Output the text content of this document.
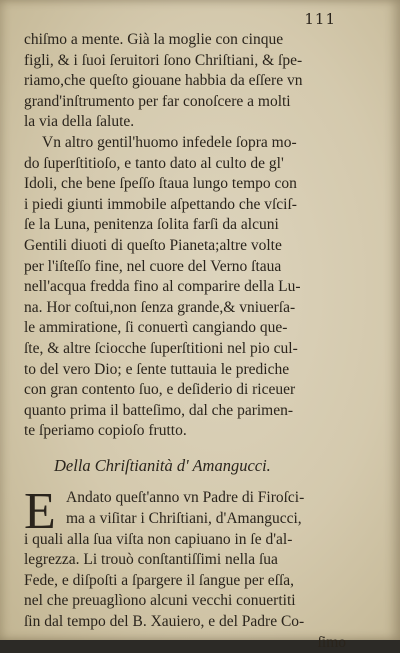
111
chiſmo a mente. Già la moglie con cinque
figli, & i ſuoi ſeruitori ſono Chriſtiani, & ſpe-
riamo,che queſto giouane habbia da eſſere vn
grand'inſtrumento per far conoſcere a molti
la via della ſalute.
Vn altro gentil'huomo infedele ſopra mo-
do ſuperſtitioſo, e tanto dato al culto de gl'
Idoli, che bene ſpeſſo ſtaua lungo tempo con
i piedi giunti immobile aſpettando che vſciſ-
ſe la Luna, penitenza ſolita farſi da alcuni
Gentili diuoti di queſto Pianeta;altre volte
per l'iſteſſo fine, nel cuore del Verno ſtaua
nell'acqua fredda fino al comparire della Lu-
na. Hor coſtui,non ſenza grande,& vniuerſa-
le ammiratione, ſi conuertì cangiando que-
ſte, & altre ſciocche ſuperſtitioni nel pio cul-
to del vero Dio; e ſente tuttauia le prediche
con gran contento ſuo, e deſiderio di riceuer
quanto prima il batteſimo, dal che parimen-
te ſperiamo copioſo frutto.
Della Chriſtianità d' Amangucci.
E Andato queſt'anno vn Padre di Firoſci-
ma a viſitar i Chriſtiani, d'Amangucci,
i quali alla ſua viſta non capiuano in ſe d'al-
legrezza. Li trouò conſtantiſſimi nella ſua
Fede, e diſpoſti a ſpargere il ſangue per eſſa,
nel che preuaglìono alcuni vecchi conuertiti
ſin dal tempo del B. Xauiero, e del Padre Co-
ſimo
